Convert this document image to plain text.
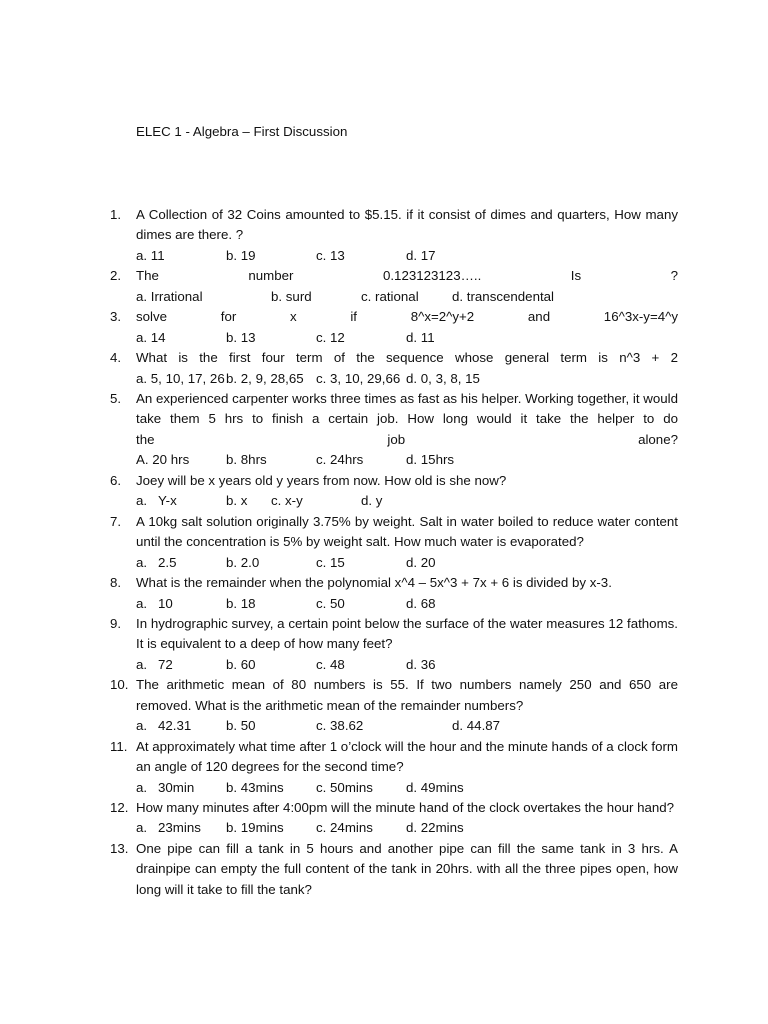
ELEC 1 - Algebra – First Discussion
1.	A Collection of 32 Coins amounted to $5.15. if it consist of dimes and quarters, How many dimes are there. ?
a. 11	b. 19	c. 13	d. 17
2.	The	number	0.123123123…..	Is	?
a. Irrational	b. surd	c. rational	d. transcendental
3.	solve	for	x	if	8^x=2^y+2	and	16^3x-y=4^y
a. 14	b. 13	c. 12	d. 11
4.	What is the first four term of the sequence whose general term is n^3 + 2
a. 5, 10, 17, 26 b. 2, 9, 28,65 c. 3, 10, 29,66 d. 0, 3, 8, 15
5.	An experienced carpenter works three times as fast as his helper. Working together, it would take them 5 hrs to finish a certain job. How long would it take the helper to do
the	job	alone?
A. 20 hrs	b. 8hrs	c. 24hrs	d. 15hrs
6.	Joey will be x years old y years from now. How old is she now?
a. Y-x	b. x c. x-y	d. y
7.	A 10kg salt solution originally 3.75% by weight. Salt in water boiled to reduce water content until the concentration is 5% by weight salt. How much water is evaporated?
a. 2.5	b. 2.0	c. 15	d. 20
8.	What is the remainder when the polynomial x^4 – 5x^3 + 7x + 6 is divided by x-3.
a. 10	b. 18	c. 50	d. 68
9.	In hydrographic survey, a certain point below the surface of the water measures 12 fathoms. It is equivalent to a deep of how many feet?
a. 72	b. 60	c. 48	d. 36
10. The arithmetic mean of 80 numbers is 55. If two numbers namely 250 and 650 are removed. What is the arithmetic mean of the remainder numbers?
a. 42.31	b. 50	c. 38.62	d. 44.87
11. At approximately what time after 1 o’clock will the hour and the minute hands of a clock form an angle of 120 degrees for the second time?
a. 30min b. 43mins c. 50mins d. 49mins
12. How many minutes after 4:00pm will the minute hand of the clock overtakes the hour hand?
a. 23mins b. 19mins c. 24mins d. 22mins
13. One pipe can fill a tank in 5 hours and another pipe can fill the same tank in 3 hrs. A drainpipe can empty the full content of the tank in 20hrs. with all the three pipes open, how long will it take to fill the tank?
